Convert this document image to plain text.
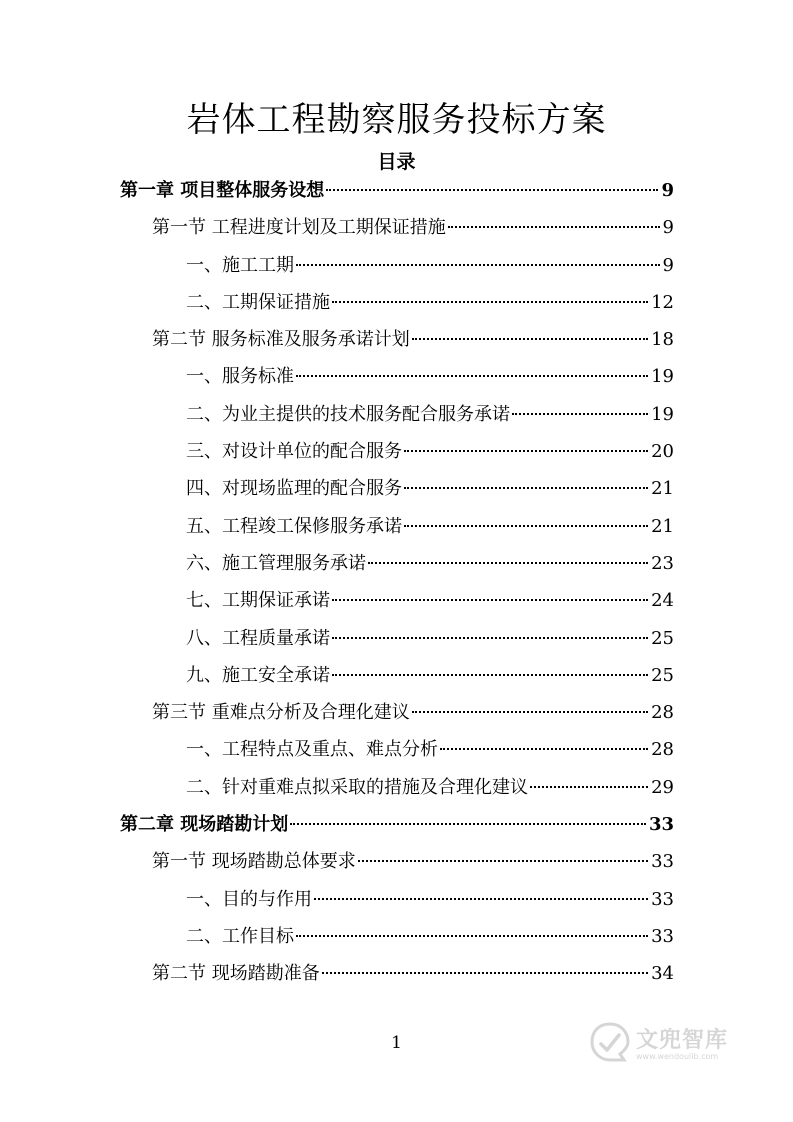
岩体工程勘察服务投标方案
目录
第一章 项目整体服务设想	9
第一节 工程进度计划及工期保证措施	9
一、施工工期	9
二、工期保证措施	12
第二节 服务标准及服务承诺计划	18
一、服务标准	19
二、为业主提供的技术服务配合服务承诺	19
三、对设计单位的配合服务	20
四、对现场监理的配合服务	21
五、工程竣工保修服务承诺	21
六、施工管理服务承诺	23
七、工期保证承诺	24
八、工程质量承诺	25
九、施工安全承诺	25
第三节 重难点分析及合理化建议	28
一、工程特点及重点、难点分析	28
二、针对重难点拟采取的措施及合理化建议	29
第二章 现场踏勘计划	33
第一节 现场踏勘总体要求	33
一、目的与作用	33
二、工作目标	33
第二节 现场踏勘准备	34
1	文兜智库
www.wendoulib.com
